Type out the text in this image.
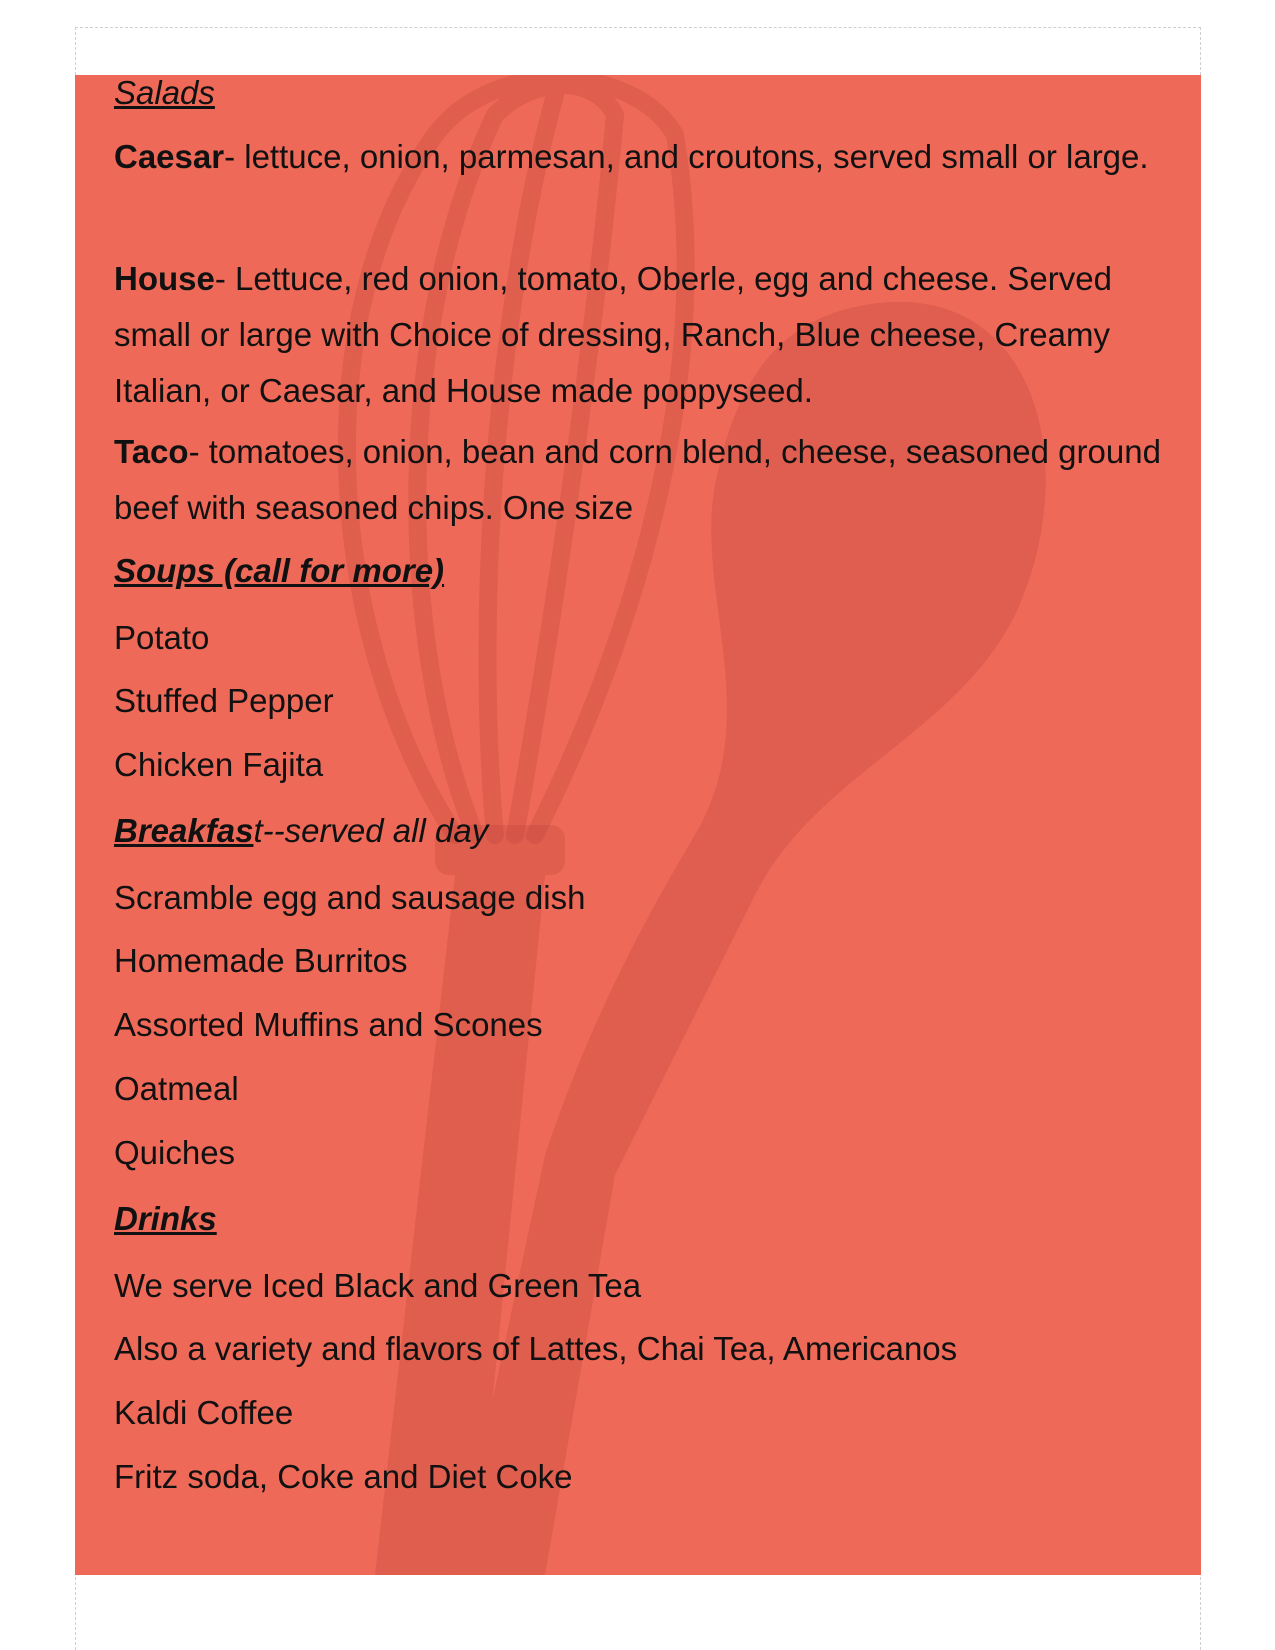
Salads
Caesar- lettuce, onion, parmesan, and croutons, served small or large.
House- Lettuce, red onion, tomato, Oberle, egg and cheese. Served small or large with Choice of dressing, Ranch, Blue cheese, Creamy Italian, or Caesar, and House made poppyseed.
Taco- tomatoes, onion, bean and corn blend, cheese, seasoned ground beef with seasoned chips. One size
Soups (call for more)
Potato
Stuffed Pepper
Chicken Fajita
Breakfast--served all day
Scramble egg and sausage dish
Homemade Burritos
Assorted Muffins and Scones
Oatmeal
Quiches
Drinks
We serve Iced Black and Green Tea
Also a variety and flavors of Lattes, Chai Tea, Americanos
Kaldi Coffee
Fritz soda, Coke and Diet Coke
